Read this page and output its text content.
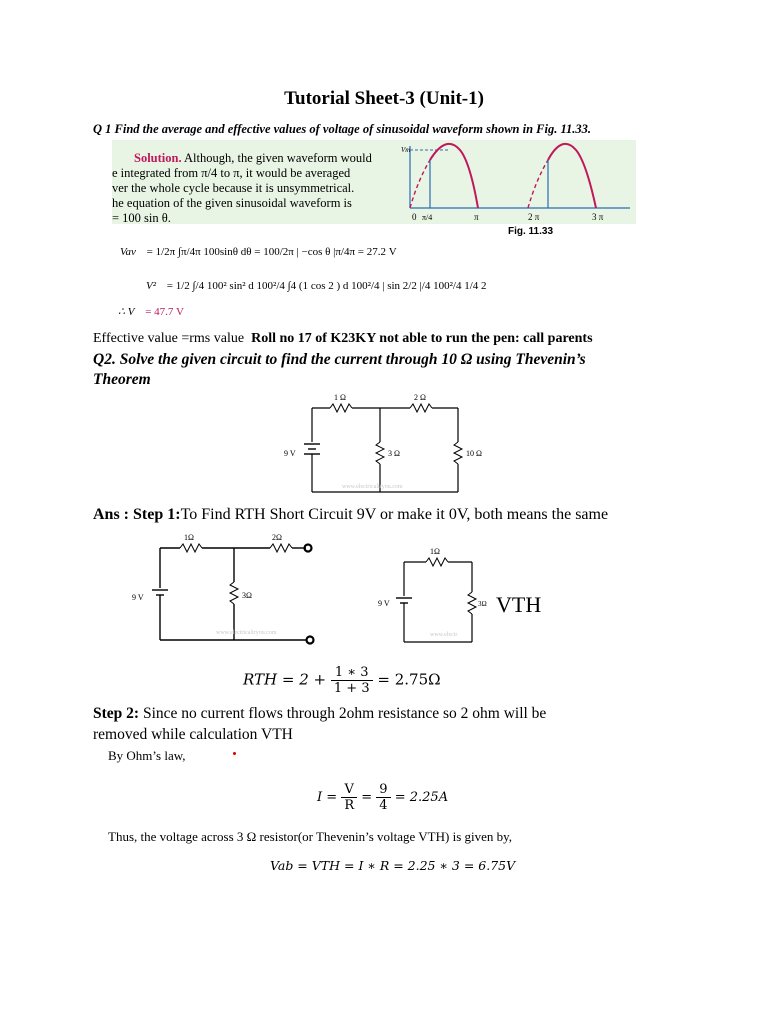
Tutorial Sheet-3 (Unit-1)
Q 1 Find the average and effective values of voltage of sinusoidal waveform shown in Fig. 11.33.
Solution. Although, the given waveform would
e integrated from π/4 to π, it would be averaged
ver the whole cycle because it is unsymmetrical.
he equation of the given sinusoidal waveform is
= 100 sin θ.
Vm
0 π/4	π	2 π	3 π
Fig. 11.33
Vav = 1/2π ∫π/4π 100sinθ dθ = 100/2π | −cos θ |π/4π = 27.2 V
V² = 1/2 ∫/4 100² sin² d 100²/4 ∫4 (1 cos 2 ) d 100²/4 | sin 2/2 |/4 100²/4 1/4 2
∴ V = 47.7 V
Effective value =rms value Roll no 17 of K23KY not able to run the pen: call parents
Q2. Solve the given circuit to find the current through 10 Ω using Thevenin’s
Theorem
1 Ω	2 Ω
3 Ω	10 Ω
9 V
www.electricaltryou.com
Ans : Step 1:To Find RTH Short Circuit 9V or make it 0V, both means the same
1Ω	2Ω
3Ω
9 V
www.electricaltryou.com
1Ω
3Ω
9 V	VTH
www.electr
RTH = $2 + \frac{1 ∗ 3}{1 + 3} = 2.75\Omega$
Step 2: Since no current flows through 2ohm resistance so 2 ohm will be
removed while calculation VTH
By Ohm’s law,
$I = \frac{V}{R} = \frac{9}{4} = 2.25A$
Thus, the voltage across 3 Ω resistor(or Thevenin’s voltage VTH) is given by,
Vab = VTH = I ∗ R = 2.25 ∗ 3 = 6.75V
